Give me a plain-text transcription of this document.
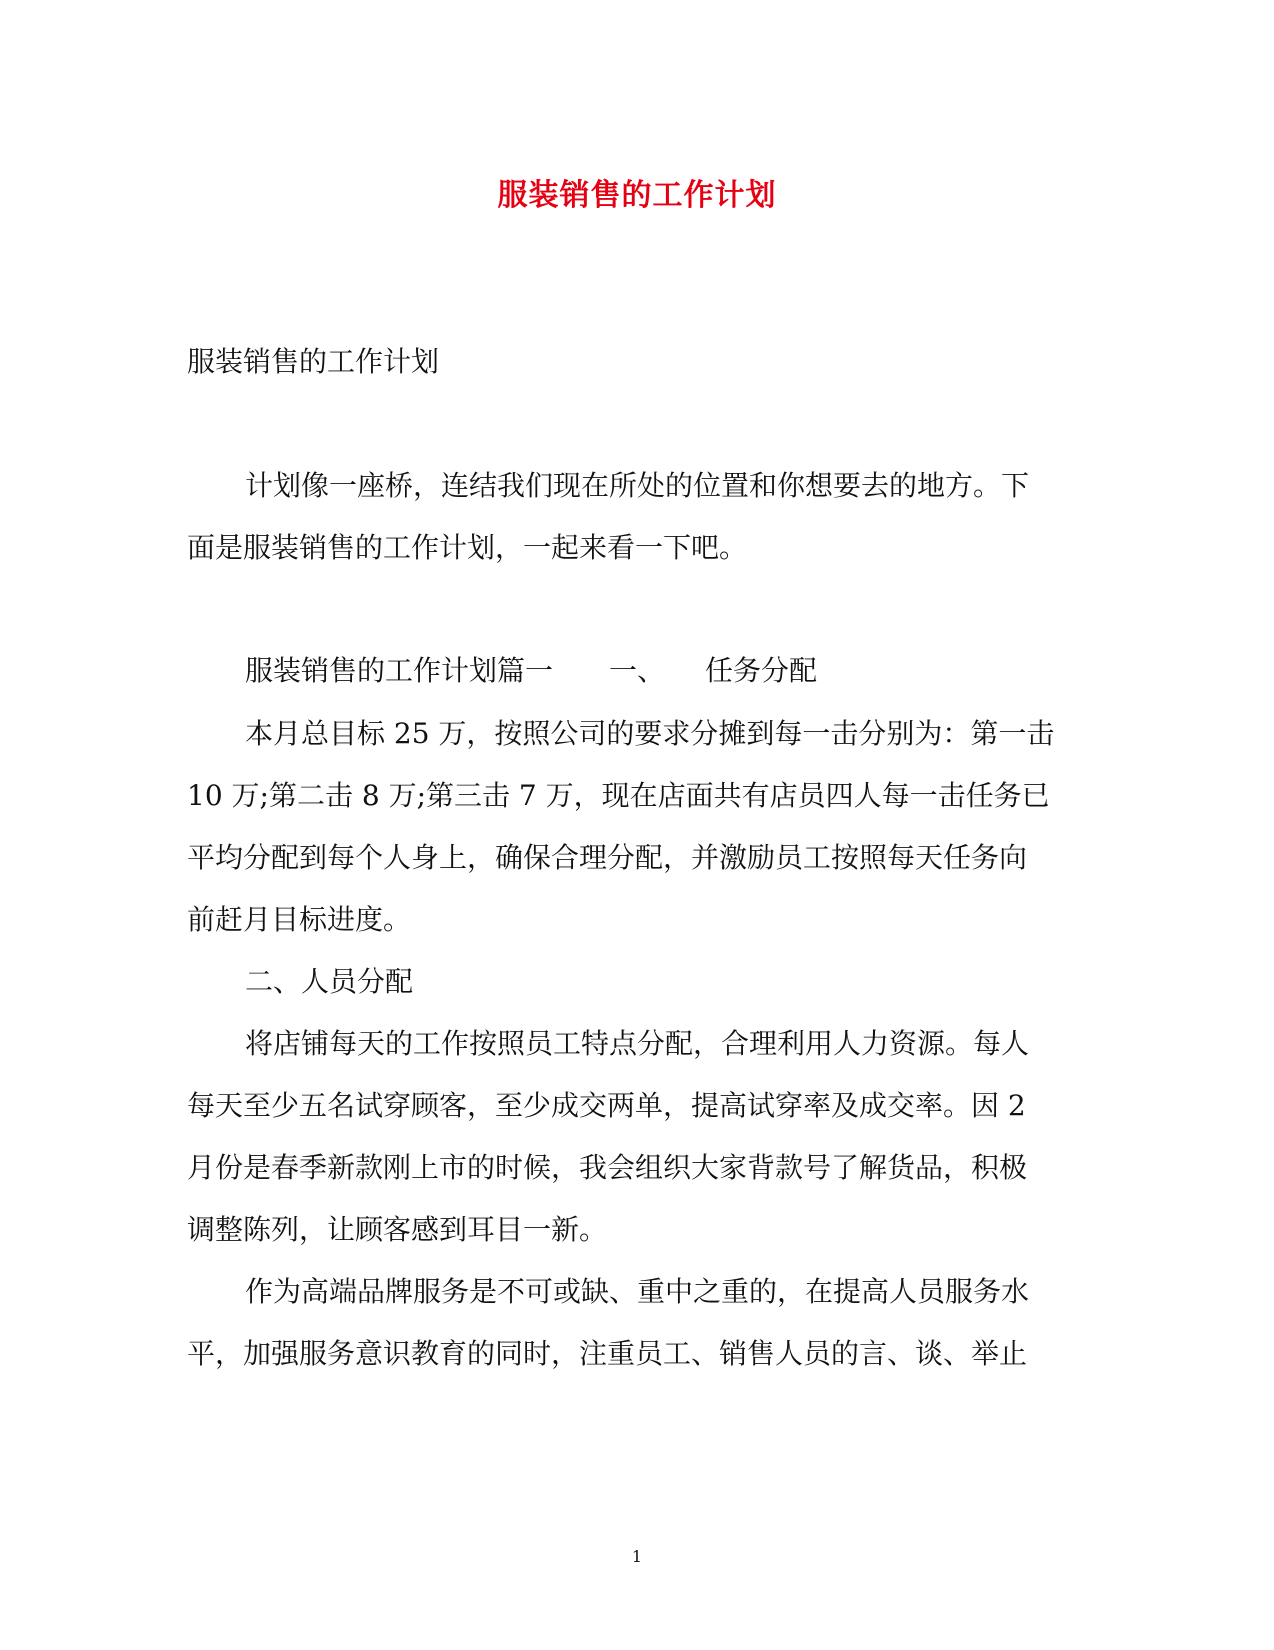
服装销售的工作计划
服装销售的工作计划
计划像一座桥，连结我们现在所处的位置和你想要去的地方。下
面是服装销售的工作计划，一起来看一下吧。
服装销售的工作计划篇一 一、 任务分配
本月总目标 25 万，按照公司的要求分摊到每一击分别为：第一击
10 万;第二击 8 万;第三击 7 万，现在店面共有店员四人每一击任务已
平均分配到每个人身上，确保合理分配，并激励员工按照每天任务向
前赶月目标进度。
二、人员分配
将店铺每天的工作按照员工特点分配，合理利用人力资源。每人
每天至少五名试穿顾客，至少成交两单，提高试穿率及成交率。因 2
月份是春季新款刚上市的时候，我会组织大家背款号了解货品，积极
调整陈列，让顾客感到耳目一新。
作为高端品牌服务是不可或缺、重中之重的，在提高人员服务水
平，加强服务意识教育的同时，注重员工、销售人员的言、谈、举止
1
